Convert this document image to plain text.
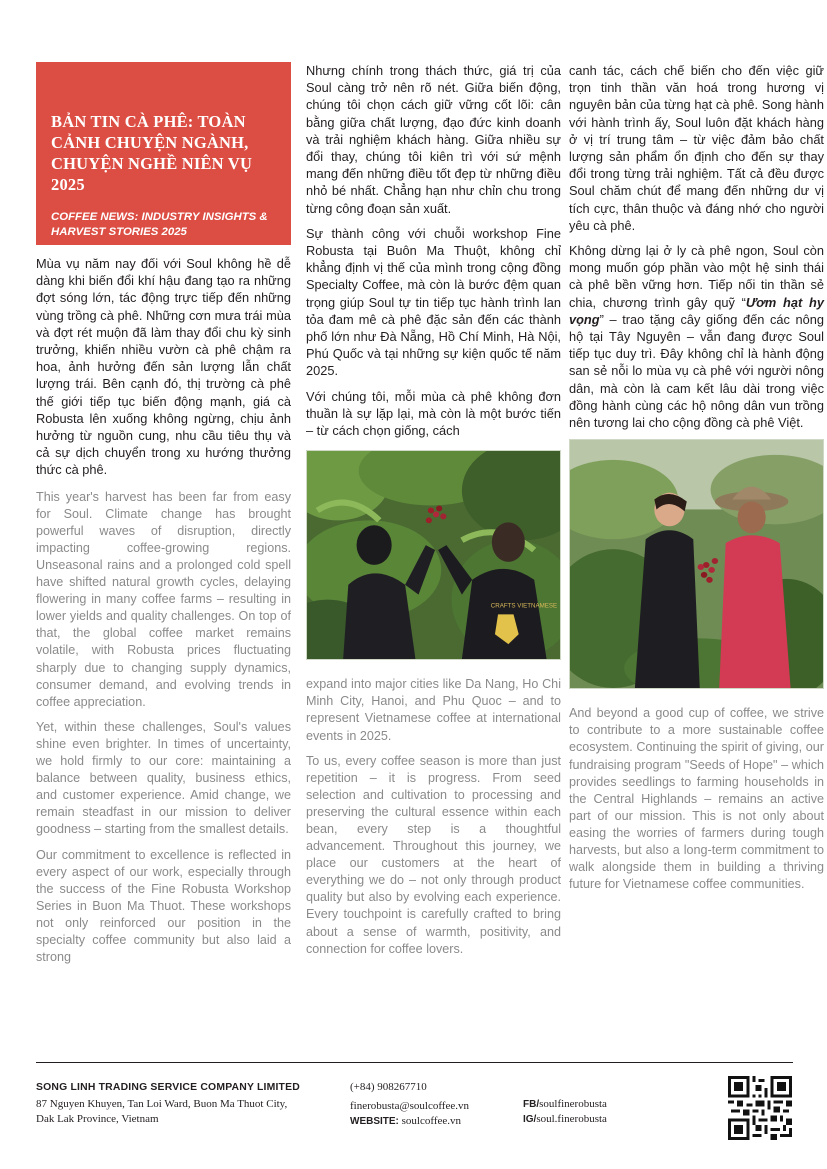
BẢN TIN CÀ PHÊ: TOÀN CẢNH CHUYỆN NGÀNH, CHUYỆN NGHỀ NIÊN VỤ 2025
COFFEE NEWS: INDUSTRY INSIGHTS & HARVEST STORIES 2025

Mùa vụ năm nay đối với Soul không hề dễ dàng khi biến đổi khí hậu đang tạo ra những đợt sóng lớn, tác động trực tiếp đến những vùng trồng cà phê. Những cơn mưa trái mùa và đợt rét muộn đã làm thay đổi chu kỳ sinh trưởng, khiến nhiều vườn cà phê chậm ra hoa, ảnh hưởng đến sản lượng lẫn chất lượng trái. Bên cạnh đó, thị trường cà phê thế giới tiếp tục biến động mạnh, giá cà Robusta lên xuống không ngừng, chịu ảnh hưởng từ nguồn cung, nhu cầu tiêu thụ và cả sự dịch chuyển trong xu hướng thưởng thức cà phê.

This year's harvest has been far from easy for Soul. Climate change has brought powerful waves of disruption, directly impacting coffee-growing regions. Unseasonal rains and a prolonged cold spell have shifted natural growth cycles, delaying flowering in many coffee farms – resulting in lower yields and quality challenges. On top of that, the global coffee market remains volatile, with Robusta prices fluctuating sharply due to changing supply dynamics, consumer demand, and evolving trends in coffee appreciation.

Yet, within these challenges, Soul's values shine even brighter. In times of uncertainty, we hold firmly to our core: maintaining a balance between quality, business ethics, and customer experience. Amid change, we remain steadfast in our mission to deliver goodness – starting from the smallest details.

Our commitment to excellence is reflected in every aspect of our work, especially through the success of the Fine Robusta Workshop Series in Buon Ma Thuot. These workshops not only reinforced our position in the specialty coffee community but also laid a strong

Nhưng chính trong thách thức, giá trị của Soul càng trở nên rõ nét. Giữa biến động, chúng tôi chọn cách giữ vững cốt lõi: cân bằng giữa chất lượng, đạo đức kinh doanh và trải nghiệm khách hàng. Giữa nhiều sự đổi thay, chúng tôi kiên trì với sứ mệnh mang đến những điều tốt đẹp từ những điều nhỏ bé nhất. Chẳng hạn như chỉn chu trong từng công đoạn sản xuất.

Sự thành công với chuỗi workshop Fine Robusta tại Buôn Ma Thuột, không chỉ khẳng định vị thế của mình trong cộng đồng Specialty Coffee, mà còn là bước đệm quan trọng giúp Soul tự tin tiếp tục hành trình lan tỏa đam mê cà phê đặc sản đến các thành phố lớn như Đà Nẵng, Hồ Chí Minh, Hà Nội, Phú Quốc và tại những sự kiện quốc tế năm 2025.

Với chúng tôi, mỗi mùa cà phê không đơn thuần là sự lặp lại, mà còn là một bước tiến – từ cách chọn giống, cách

CRAFTS VIETNAMESE

expand into major cities like Da Nang, Ho Chi Minh City, Hanoi, and Phu Quoc – and to represent Vietnamese coffee at international events in 2025.

To us, every coffee season is more than just repetition – it is progress. From seed selection and cultivation to processing and preserving the cultural essence within each bean, every step is a thoughtful advancement. Throughout this journey, we place our customers at the heart of everything we do – not only through product quality but also by evolving each experience. Every touchpoint is carefully crafted to bring about a sense of warmth, positivity, and connection for coffee lovers.

canh tác, cách chế biến cho đến việc giữ trọn tinh thần văn hoá trong hương vị nguyên bản của từng hạt cà phê. Song hành với hành trình ấy, Soul luôn đặt khách hàng ở vị trí trung tâm – từ việc đảm bảo chất lượng sản phẩm ổn định cho đến sự thay đổi trong từng trải nghiệm. Tất cả đều được Soul chăm chút để mang đến những dư vị tích cực, thân thuộc và đáng nhớ cho người yêu cà phê.

Không dừng lại ở ly cà phê ngon, Soul còn mong muốn góp phần vào một hệ sinh thái cà phê bền vững hơn. Tiếp nối tin thần sẻ chia, chương trình gây quỹ “Ươm hạt hy vọng” – trao tặng cây giống đến các nông hộ tại Tây Nguyên – vẫn đang được Soul tiếp tục duy trì. Đây không chỉ là hành động san sẻ nỗi lo mùa vụ cà phê với người nông dân, mà còn là cam kết lâu dài trong việc đồng hành cùng các hộ nông dân vun trồng nên tương lai cho cộng đồng cà phê Việt.

And beyond a good cup of coffee, we strive to contribute to a more sustainable coffee ecosystem. Continuing the spirit of giving, our fundraising program "Seeds of Hope" – which provides seedlings to farming households in the Central Highlands – remains an active part of our mission. This is not only about easing the worries of farmers during tough harvests, but also a long-term commitment to walk alongside them in building a thriving future for Vietnamese coffee communities.

SONG LINH TRADING SERVICE COMPANY LIMITED
87 Nguyen Khuyen, Tan Loi Ward, Buon Ma Thuot City,
Dak Lak Province, Vietnam
(+84) 908267710
finerobusta@soulcoffee.vn
WEBSITE: soulcoffee.vn
FB/soulfinerobusta
IG/soul.finerobusta
